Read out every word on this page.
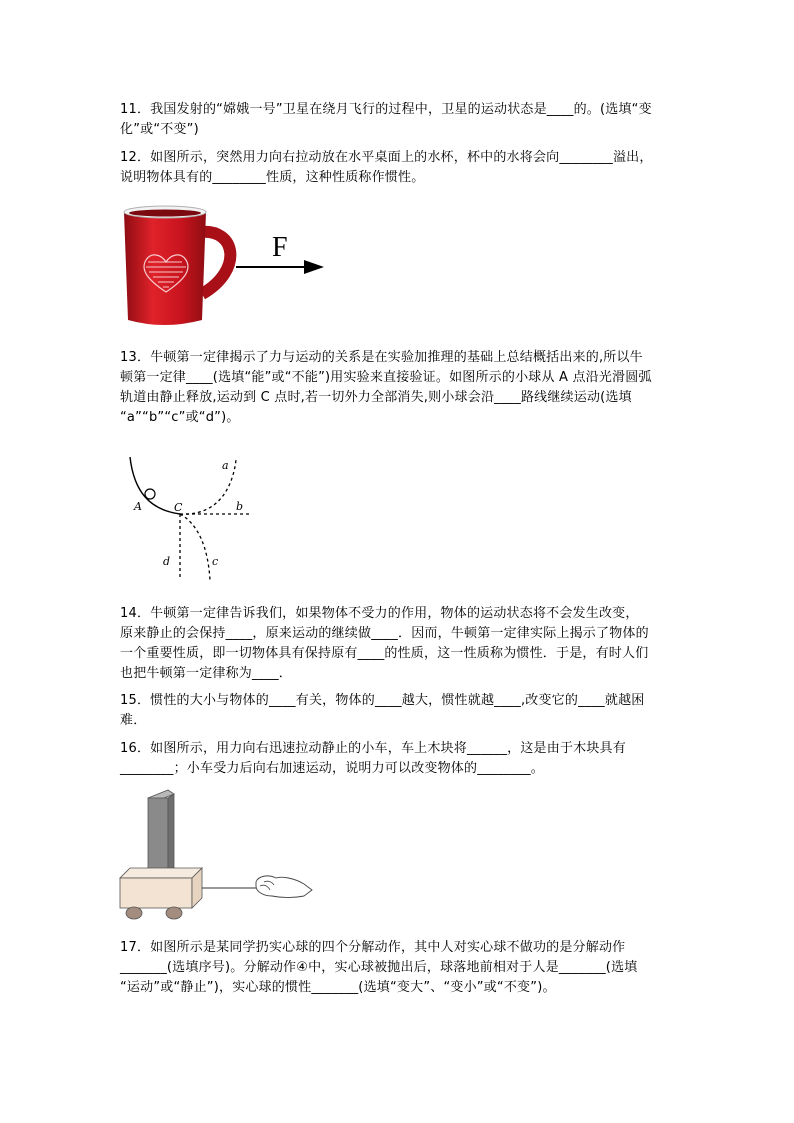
11．我国发射的“嫦娥一号”卫星在绕月飞行的过程中，卫星的运动状态是____的。(选填“变

化”或“不变”)

12．如图所示，突然用力向右拉动放在水平桌面上的水杯，杯中的水将会向________溢出，

说明物体具有的________性质，这种性质称作惯性。

F

13．牛顿第一定律揭示了力与运动的关系是在实验加推理的基础上总结概括出来的,所以牛

顿第一定律____(选填“能”或“不能”)用实验来直接验证。如图所示的小球从 A 点沿光滑圆弧

轨道由静止释放,运动到 C 点时,若一切外力全部消失,则小球会沿____路线继续运动(选填

“a”“b”“c”或“d”)。

a
b
c
d
A	C

14．牛顿第一定律告诉我们，如果物体不受力的作用，物体的运动状态将不会发生改变，

原来静止的会保持____，原来运动的继续做____．因而，牛顿第一定律实际上揭示了物体的

一个重要性质，即一切物体具有保持原有____的性质，这一性质称为惯性．于是，有时人们

也把牛顿第一定律称为____．

15．惯性的大小与物体的____有关，物体的____越大，惯性就越____,改变它的____就越困

难．

16．如图所示，用力向右迅速拉动静止的小车，车上木块将______，这是由于木块具有

________；小车受力后向右加速运动，说明力可以改变物体的________。

17．如图所示是某同学扔实心球的四个分解动作，其中人对实心球不做功的是分解动作

_______(选填序号)。分解动作④中，实心球被抛出后，球落地前相对于人是_______(选填

“运动”或“静止”)，实心球的惯性_______(选填“变大”、“变小”或“不变”)。
